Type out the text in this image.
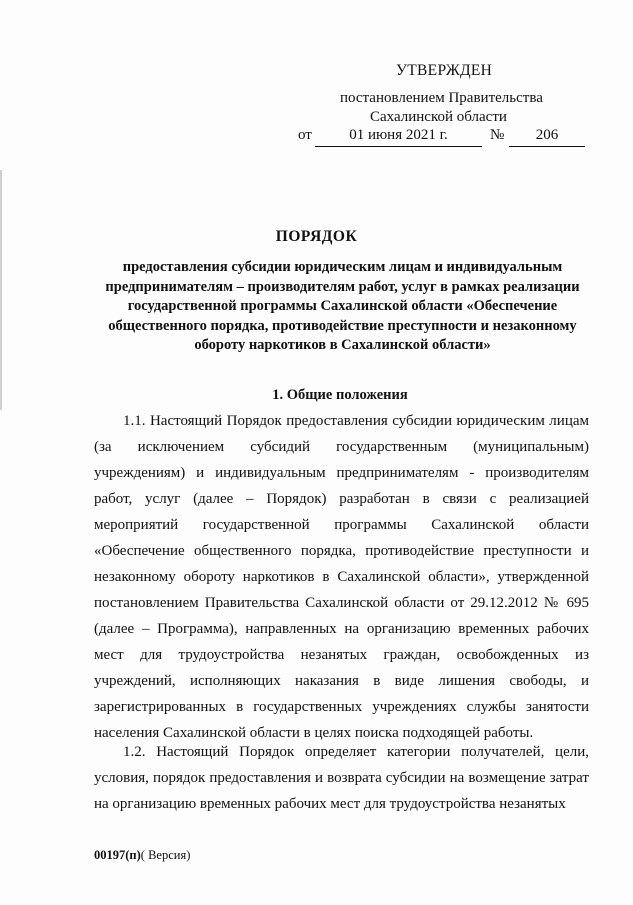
УТВЕРЖДЕН
постановлением Правительства
Сахалинской области
от	01 июня 2021 г.	№	206
ПОРЯДОК
предоставления субсидии юридическим лицам и индивидуальным предпринимателям – производителям работ, услуг в рамках реализации государственной программы Сахалинской области «Обеспечение общественного порядка, противодействие преступности и незаконному обороту наркотиков в Сахалинской области»
1. Общие положения

1.1. Настоящий Порядок предоставления субсидии юридическим лицам (за исключением субсидий государственным (муниципальным) учреждениям) и индивидуальным предпринимателям - производителям работ, услуг (далее – Порядок) разработан в связи с реализацией мероприятий государственной программы Сахалинской области «Обеспечение общественного порядка, противодействие преступности и незаконному обороту наркотиков в Сахалинской области», утвержденной постановлением Правительства Сахалинской области от 29.12.2012 № 695 (далее – Программа), направленных на организацию временных рабочих мест для трудоустройства незанятых граждан, освобожденных из учреждений, исполняющих наказания в виде лишения свободы, и зарегистрированных в государственных учреждениях службы занятости населения Сахалинской области в целях поиска подходящей работы.

1.2. Настоящий Порядок определяет категории получателей, цели, условия, порядок предоставления и возврата субсидии на возмещение затрат на организацию временных рабочих мест для трудоустройства незанятых

00197(п)( Версия)
